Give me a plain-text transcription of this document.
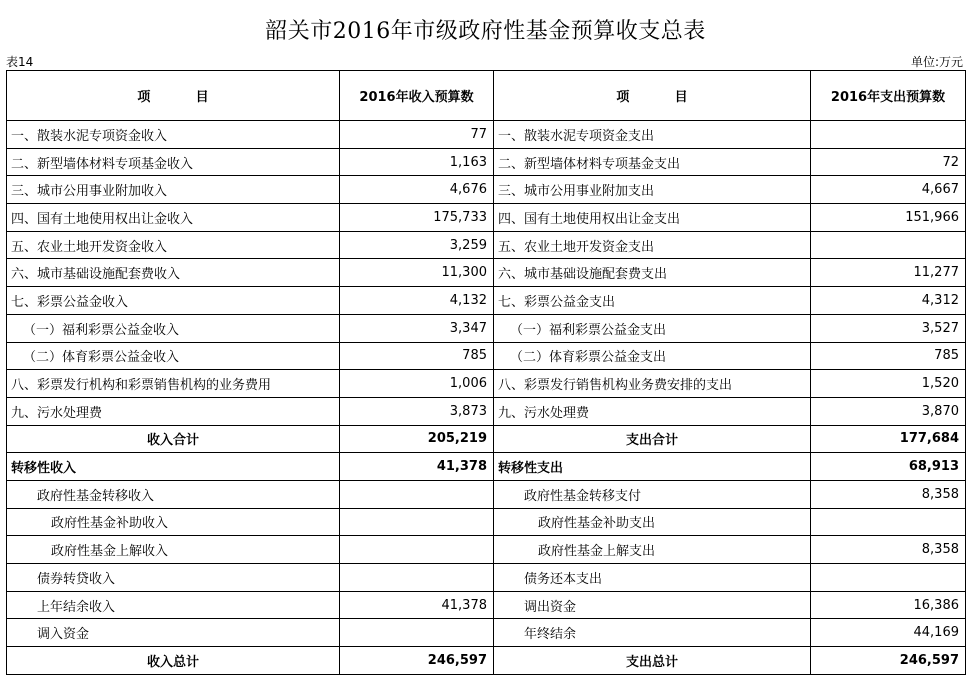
韶关市2016年市级政府性基金预算收支总表
表14	单位:万元
项          目	2016年收入预算数	项          目	2016年支出预算数
一、散装水泥专项资金收入	77	一、散装水泥专项资金支出	
二、新型墙体材料专项基金收入	1,163	二、新型墙体材料专项基金支出	72
三、城市公用事业附加收入	4,676	三、城市公用事业附加支出	4,667
四、国有土地使用权出让金收入	175,733	四、国有土地使用权出让金支出	151,966
五、农业土地开发资金收入	3,259	五、农业土地开发资金支出	
六、城市基础设施配套费收入	11,300	六、城市基础设施配套费支出	11,277
七、彩票公益金收入	4,132	七、彩票公益金支出	4,312
（一）福利彩票公益金收入	3,347	（一）福利彩票公益金支出	3,527
（二）体育彩票公益金收入	785	（二）体育彩票公益金支出	785
八、彩票发行机构和彩票销售机构的业务费用	1,006	八、彩票发行销售机构业务费安排的支出	1,520
九、污水处理费	3,873	九、污水处理费	3,870
收入合计	205,219	支出合计	177,684
转移性收入	41,378	转移性支出	68,913
政府性基金转移收入		政府性基金转移支付	8,358
政府性基金补助收入		政府性基金补助支出	
政府性基金上解收入		政府性基金上解支出	8,358
债券转贷收入		债务还本支出	
上年结余收入	41,378	调出资金	16,386
调入资金		年终结余	44,169
收入总计	246,597	支出总计	246,597
